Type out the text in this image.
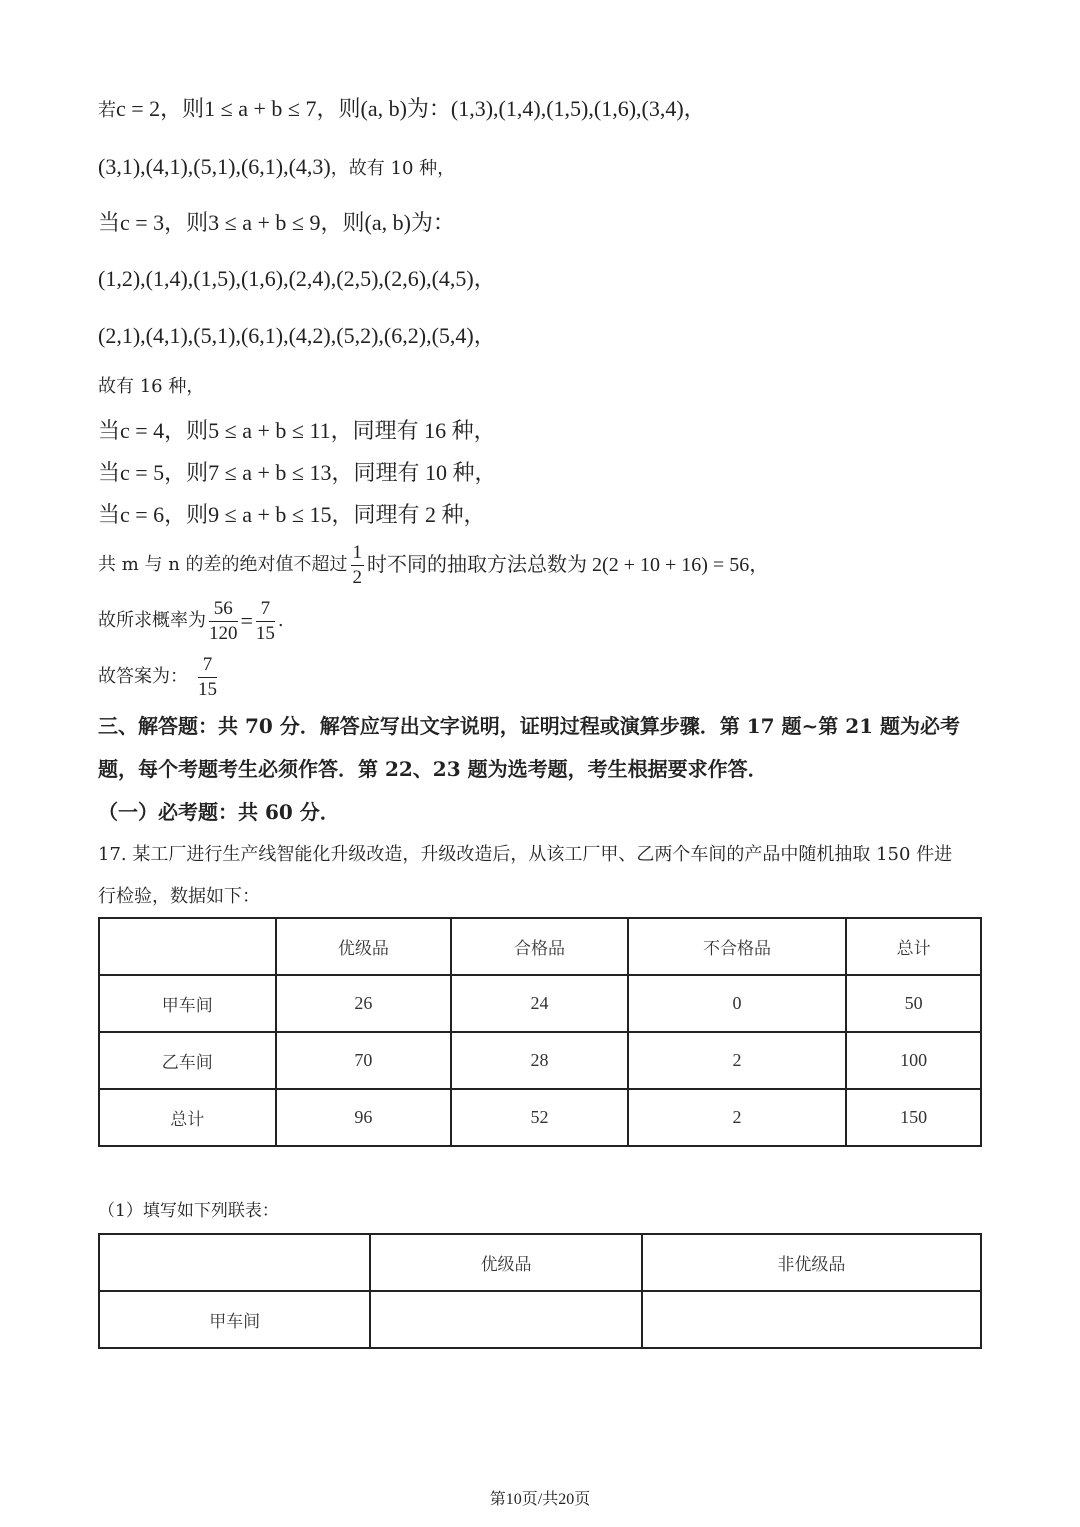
若c = 2，则1 ≤ a + b ≤ 7，则(a, b)为：(1,3),(1,4),(1,5),(1,6),(3,4)，
(3,1),(4,1),(5,1),(6,1),(4,3)，故有 10 种，
当c = 3，则3 ≤ a + b ≤ 9，则(a, b)为：
(1,2),(1,4),(1,5),(1,6),(2,4),(2,5),(2,6),(4,5)，
(2,1),(4,1),(5,1),(6,1),(4,2),(5,2),(6,2),(5,4)，
故有 16 种，
当c = 4，则5 ≤ a + b ≤ 11，同理有 16 种，
当c = 5，则7 ≤ a + b ≤ 13，同理有 10 种，
当c = 6，则9 ≤ a + b ≤ 15，同理有 2 种，
共 m 与 n 的差的绝对值不超过 $\frac{1}{2}$ 时不同的抽取方法总数为 2(2 + 10 + 16) = 56，
故所求概率为 $\frac{56}{120} = \frac{7}{15}$ .
故答案为： $\frac{7}{15}$
三、解答题：共 70 分．解答应写出文字说明，证明过程或演算步骤．第 17 题~第 21 题为必考
题，每个考题考生必须作答．第 22、23 题为选考题，考生根据要求作答．
（一）必考题：共 60 分．
17. 某工厂进行生产线智能化升级改造，升级改造后，从该工厂甲、乙两个车间的产品中随机抽取 150 件进
行检验，数据如下：
	优级品	合格品	不合格品	总计
甲车间	26	24	0	50
乙车间	70	28	2	100
总计	96	52	2	150
（1）填写如下列联表：
	优级品	非优级品
甲车间		
第10页/共20页
